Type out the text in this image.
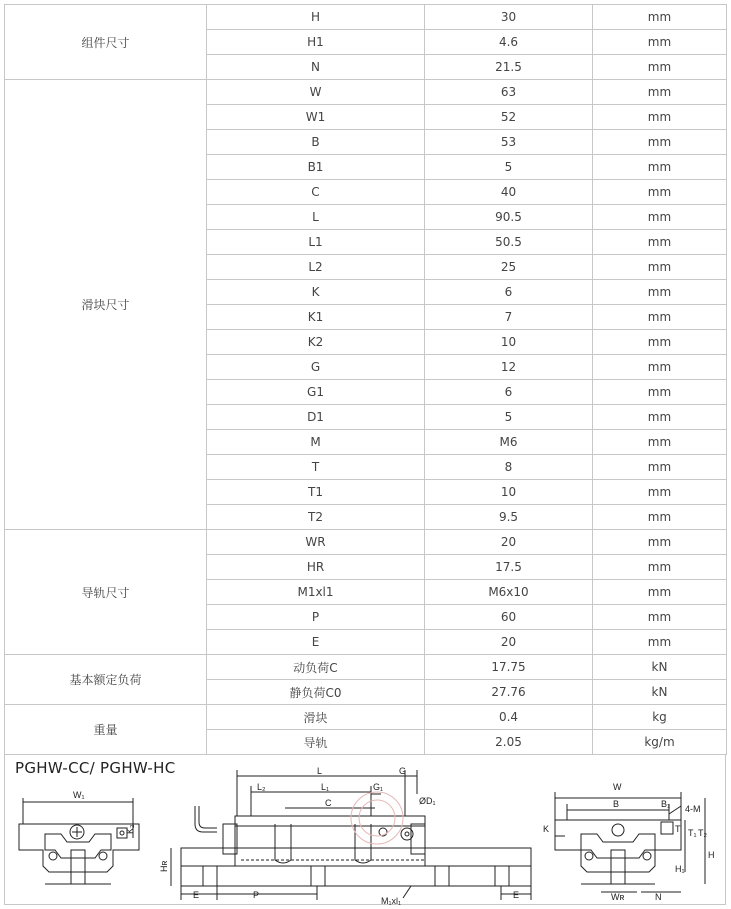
组件尺寸	H	30	mm
	H1	4.6	mm
	N	21.5	mm
滑块尺寸	W	63	mm
	W1	52	mm
	B	53	mm
	B1	5	mm
	C	40	mm
	L	90.5	mm
	L1	50.5	mm
	L2	25	mm
	K	6	mm
	K1	7	mm
	K2	10	mm
	G	12	mm
	G1	6	mm
	D1	5	mm
	M	M6	mm
	T	8	mm
	T1	10	mm
	T2	9.5	mm
导轨尺寸	WR	20	mm
	HR	17.5	mm
	M1xl1	M6x10	mm
	P	60	mm
	E	20	mm
基本额定负荷	动负荷C	17.75	kN
	静负荷C0	27.76	kN
重量	滑块	0.4	kg
	导轨	2.05	kg/m
PGHW-CC/ PGHW-HC
W₁
K₂
Hʀ
E	P	E
L
L₂	L₁
C
G
G₁
ØD₁
M₁xl₁
W
B	B₁ 4-M
K	T T₁ T₂
H
H₁
Wʀ	N
